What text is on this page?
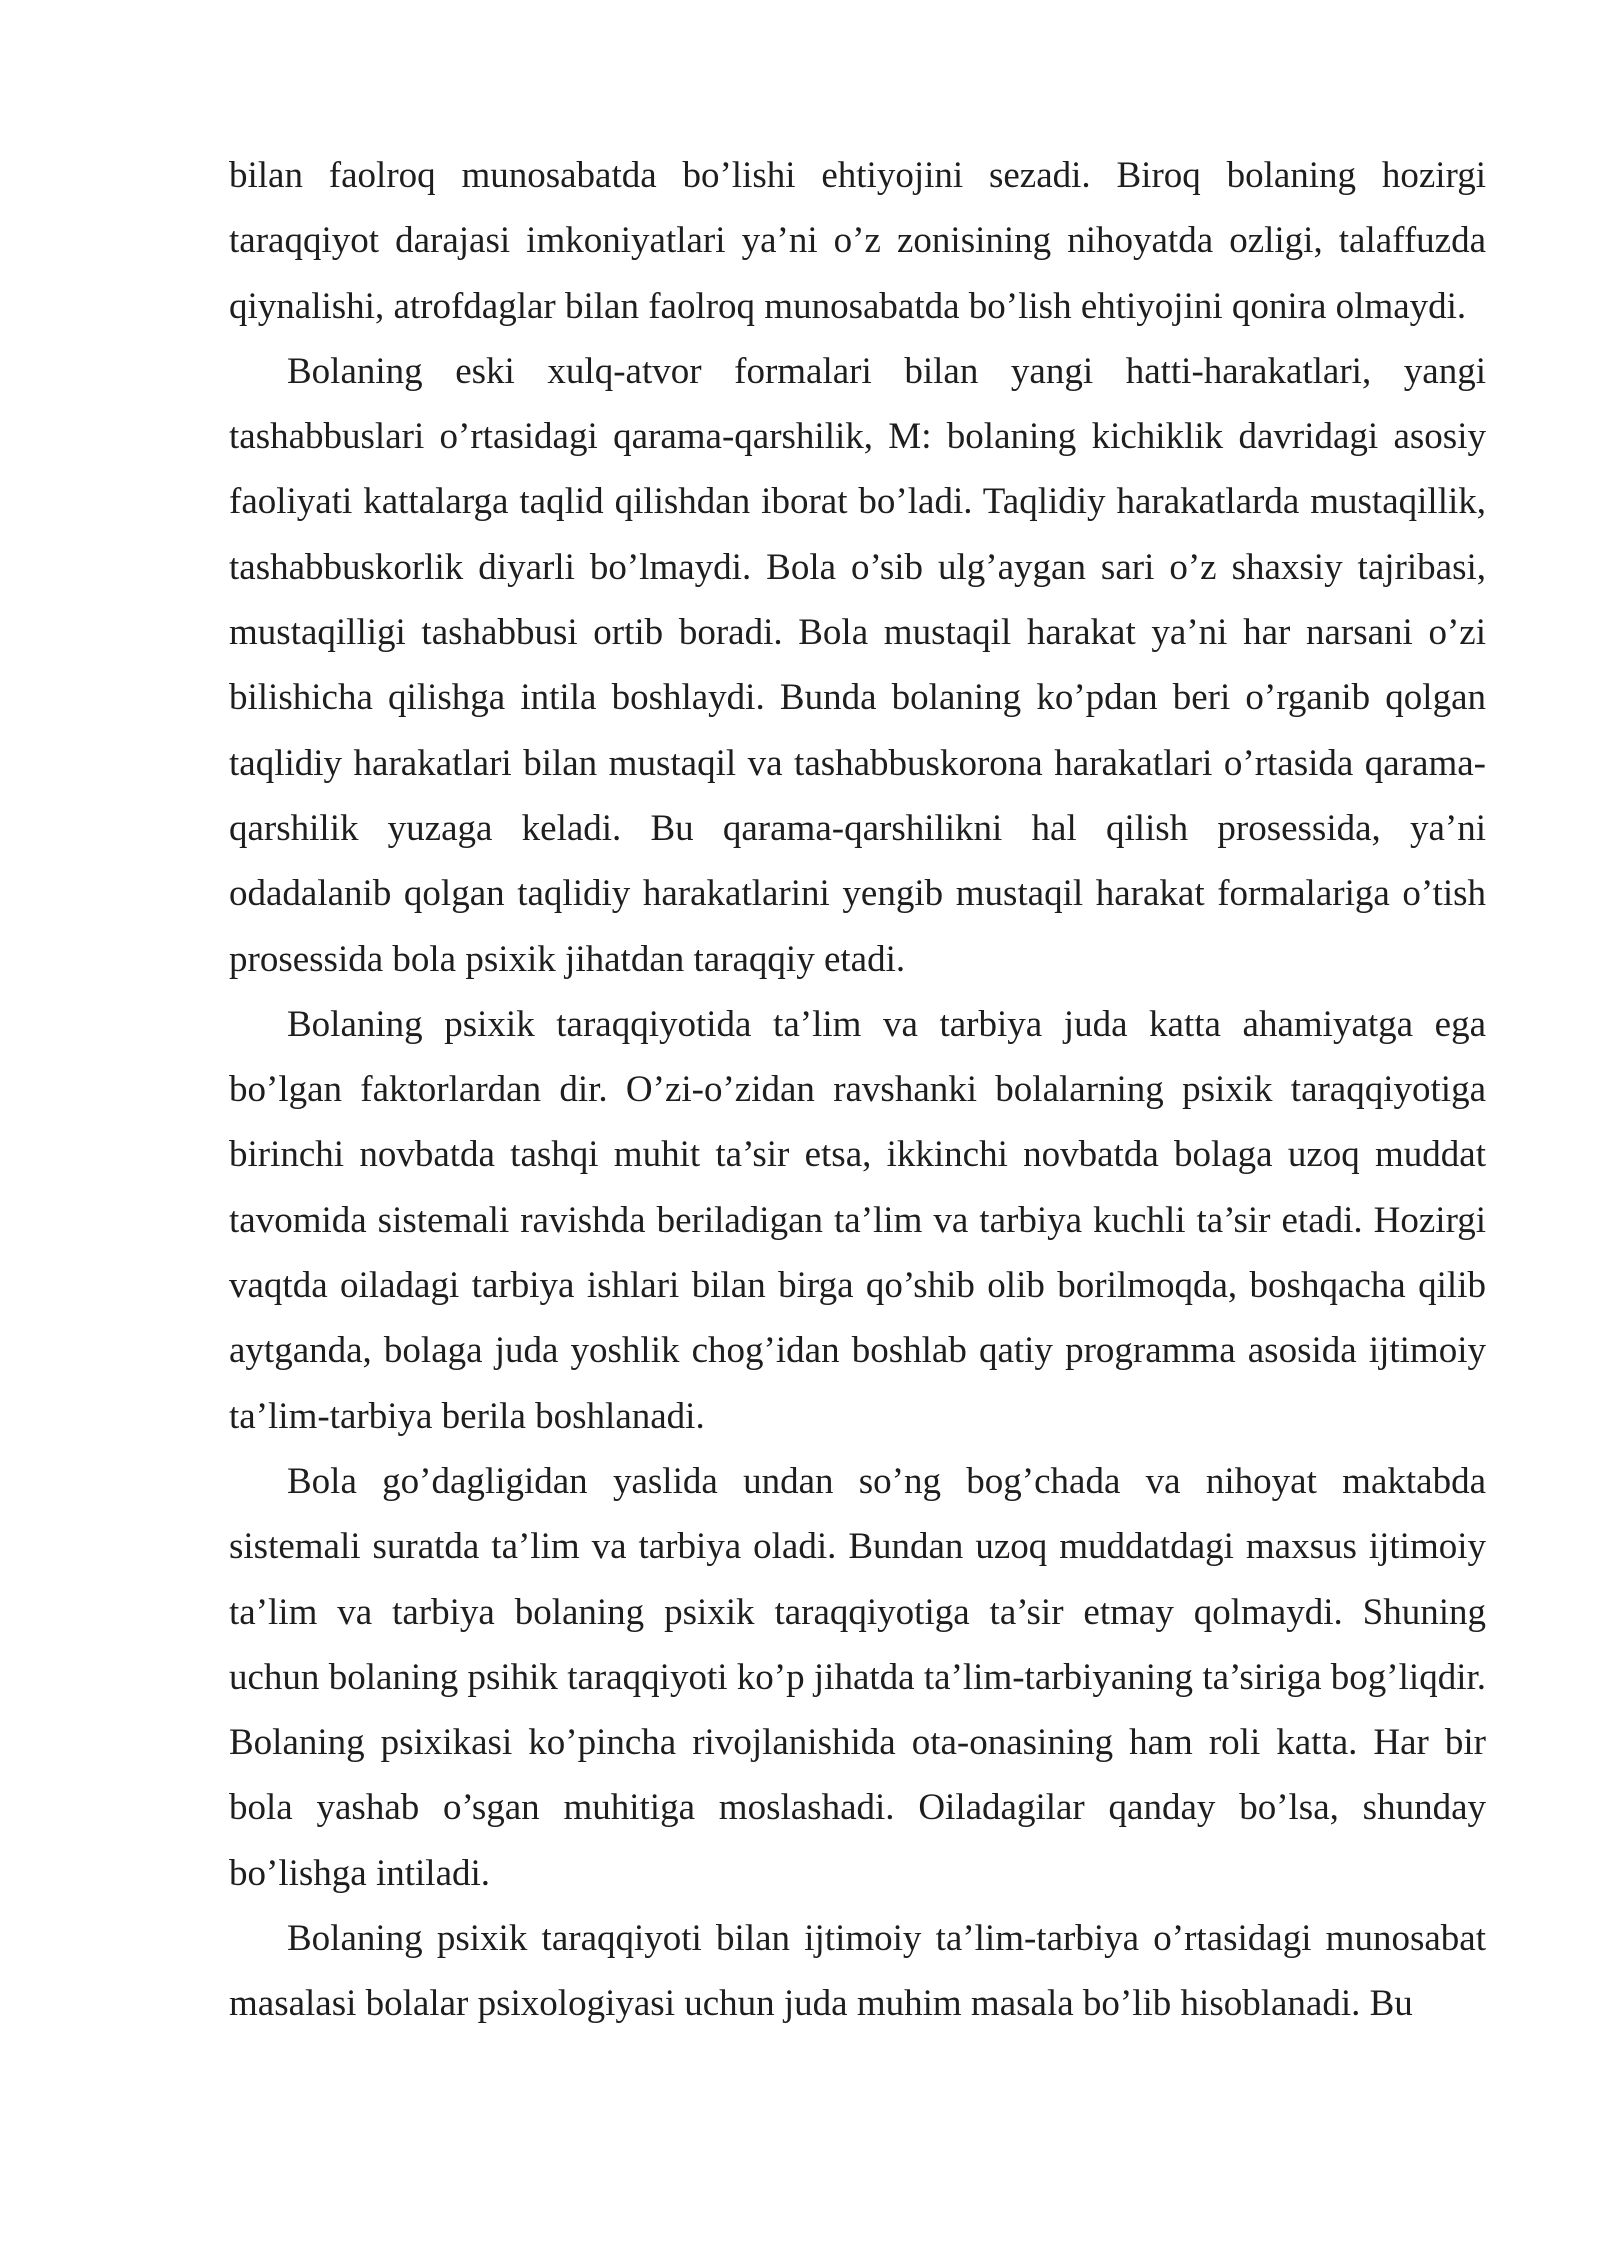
bilan faolroq munosabatda bo’lishi ehtiyojini sezadi. Biroq bolaning hozirgi taraqqiyot darajasi imkoniyatlari ya’ni o’z zonisining nihoyatda ozligi, talaffuzda qiynalishi, atrofdaglar bilan faolroq munosabatda bo’lish ehtiyojini qonira olmaydi.

Bolaning eski xulq-atvor formalari bilan yangi hatti-harakatlari, yangi tashabbuslari o’rtasidagi qarama-qarshilik, M: bolaning kichiklik davridagi asosiy faoliyati kattalarga taqlid qilishdan iborat bo’ladi. Taqlidiy harakatlarda mustaqillik, tashabbuskorlik diyarli bo’lmaydi. Bola o’sib ulg’aygan sari o’z shaxsiy tajribasi, mustaqilligi tashabbusi ortib boradi. Bola mustaqil harakat ya’ni har narsani o’zi bilishicha qilishga intila boshlaydi. Bunda bolaning ko’pdan beri o’rganib qolgan taqlidiy harakatlari bilan mustaqil va tashabbuskorona harakatlari o’rtasida qarama-qarshilik yuzaga keladi. Bu qarama-qarshilikni hal qilish prosessida, ya’ni odadalanib qolgan taqlidiy harakatlarini yengib mustaqil harakat formalariga o’tish prosessida bola psixik jihatdan taraqqiy etadi.

Bolaning psixik taraqqiyotida ta’lim va tarbiya juda katta ahamiyatga ega bo’lgan faktorlardan dir. O’zi-o’zidan ravshanki bolalarning psixik taraqqiyotiga birinchi novbatda tashqi muhit ta’sir etsa, ikkinchi novbatda bolaga uzoq muddat tavomida sistemali ravishda beriladigan ta’lim va tarbiya kuchli ta’sir etadi. Hozirgi vaqtda oiladagi tarbiya ishlari bilan birga qo’shib olib borilmoqda, boshqacha qilib aytganda, bolaga juda yoshlik chog’idan boshlab qatiy programma asosida ijtimoiy ta’lim-tarbiya berila boshlanadi.

Bola go’dagligidan yaslida undan so’ng bog’chada va nihoyat maktabda sistemali suratda ta’lim va tarbiya oladi. Bundan uzoq muddatdagi maxsus ijtimoiy ta’lim va tarbiya bolaning psixik taraqqiyotiga ta’sir etmay qolmaydi. Shuning uchun bolaning psihik taraqqiyoti ko’p jihatda ta’lim-tarbiyaning ta’siriga bog’liqdir. Bolaning psixikasi ko’pincha rivojlanishida ota-onasining ham roli katta. Har bir bola yashab o’sgan muhitiga moslashadi. Oiladagilar qanday bo’lsa, shunday bo’lishga intiladi.

Bolaning psixik taraqqiyoti bilan ijtimoiy ta’lim-tarbiya o’rtasidagi munosabat masalasi bolalar psixologiyasi uchun juda muhim masala bo’lib hisoblanadi. Bu
